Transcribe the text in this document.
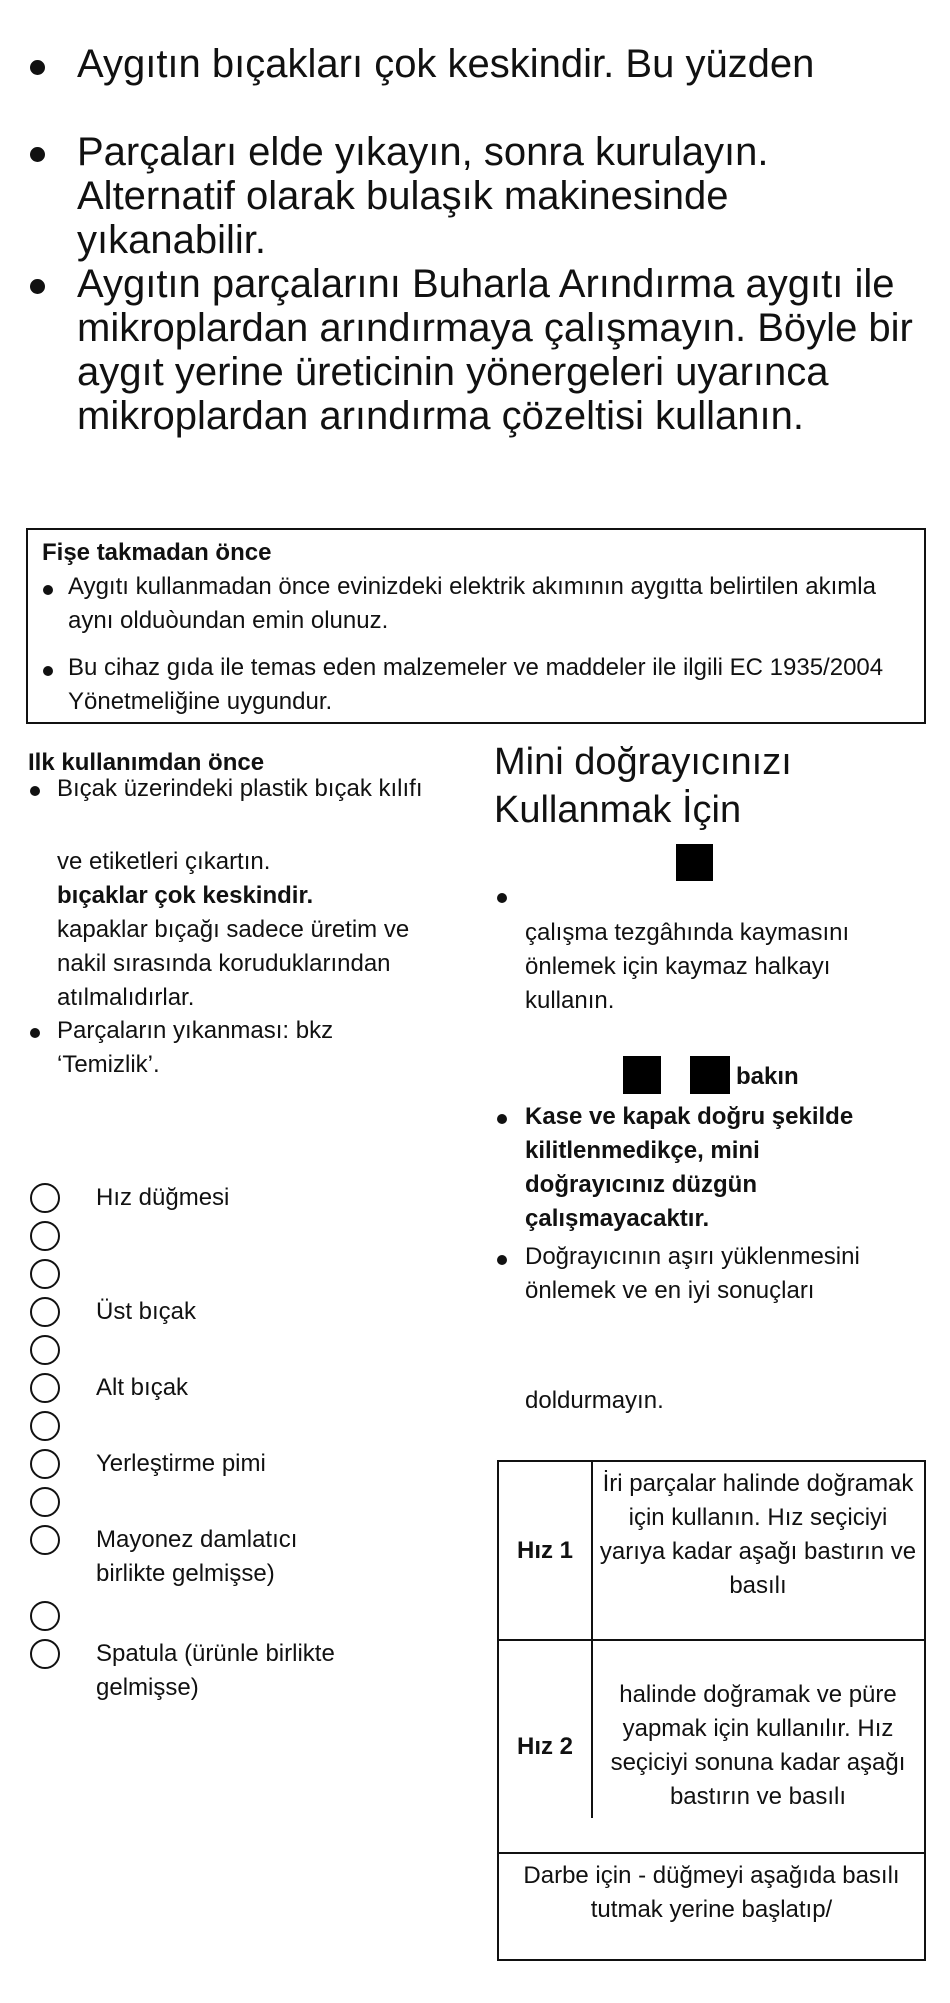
Aygıtın bıçakları çok keskindir. Bu yüzden
Parçaları elde yıkayın, sonra kurulayın. Alternatif olarak bulaşık makinesinde yıkanabilir.
Aygıtın parçalarını Buharla Arındırma aygıtı ile mikroplardan arındırmaya çalışmayın. Böyle bir aygıt yerine üreticinin yönergeleri uyarınca mikroplardan arındırma çözeltisi kullanın.
Fişe takmadan önce
Aygıtı kullanmadan önce evinizdeki elektrik akımının aygıtta belirtilen akımla aynı olduòundan emin olunuz.
Bu cihaz gıda ile temas eden malzemeler ve maddeler ile ilgili EC 1935/2004 Yönetmeliğine uygundur.
Ilk kullanımdan önce
Bıçak üzerindeki plastik bıçak kılıfı
ve etiketleri çıkartın.
bıçaklar çok keskindir.
kapaklar bıçağı sadece üretim ve nakil sırasında koruduklarından atılmalıdırlar.
Parçaların yıkanması: bkz ‘Temizlik’.
Hız düğmesi
Üst bıçak
Alt bıçak
Yerleştirme pimi
Mayonez damlatıcı birlikte gelmişse)
Spatula (ürünle birlikte gelmişse)
Mini doğrayıcınızı Kullanmak İçin
çalışma tezgâhında kaymasını önlemek için kaymaz halkayı kullanın.
bakın
Kase ve kapak doğru şekilde kilitlenmedikçe, mini doğrayıcınız düzgün çalışmayacaktır.
Doğrayıcının aşırı yüklenmesini önlemek ve en iyi sonuçları
doldurmayın.
Hız 1
İri parçalar halinde doğramak için kullanın. Hız seçiciyi yarıya kadar aşağı bastırın ve basılı
Hız 2
halinde doğramak ve püre yapmak için kullanılır. Hız seçiciyi sonuna kadar aşağı bastırın ve basılı
Darbe için - düğmeyi aşağıda basılı tutmak yerine başlatıp/
